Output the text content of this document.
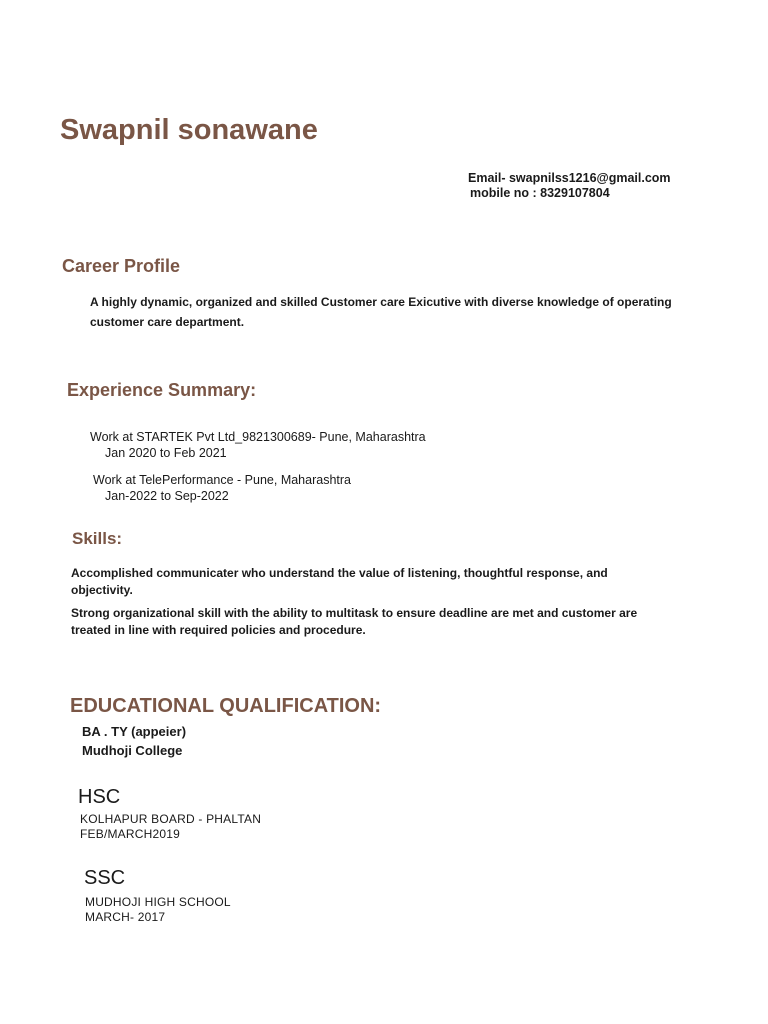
Swapnil sonawane
Email- swapnilss1216@gmail.com
mobile no : 8329107804
Career Profile
A highly dynamic, organized and skilled Customer care Exicutive with diverse knowledge of operating
customer care department.
Experience Summary:
Work at STARTEK Pvt Ltd_9821300689- Pune, Maharashtra
Jan 2020 to Feb 2021
Work at TelePerformance - Pune, Maharashtra
Jan-2022 to Sep-2022
Skills:
Accomplished communicater who understand the value of listening, thoughtful response, and
objectivity.
Strong organizational skill with the ability to multitask to ensure deadline are met and customer are
treated in line with required policies and procedure.
EDUCATIONAL QUALIFICATION:
BA . TY (appeier)
Mudhoji College
HSC
KOLHAPUR BOARD - PHALTAN
FEB/MARCH2019
SSC
MUDHOJI HIGH SCHOOL
MARCH- 2017
